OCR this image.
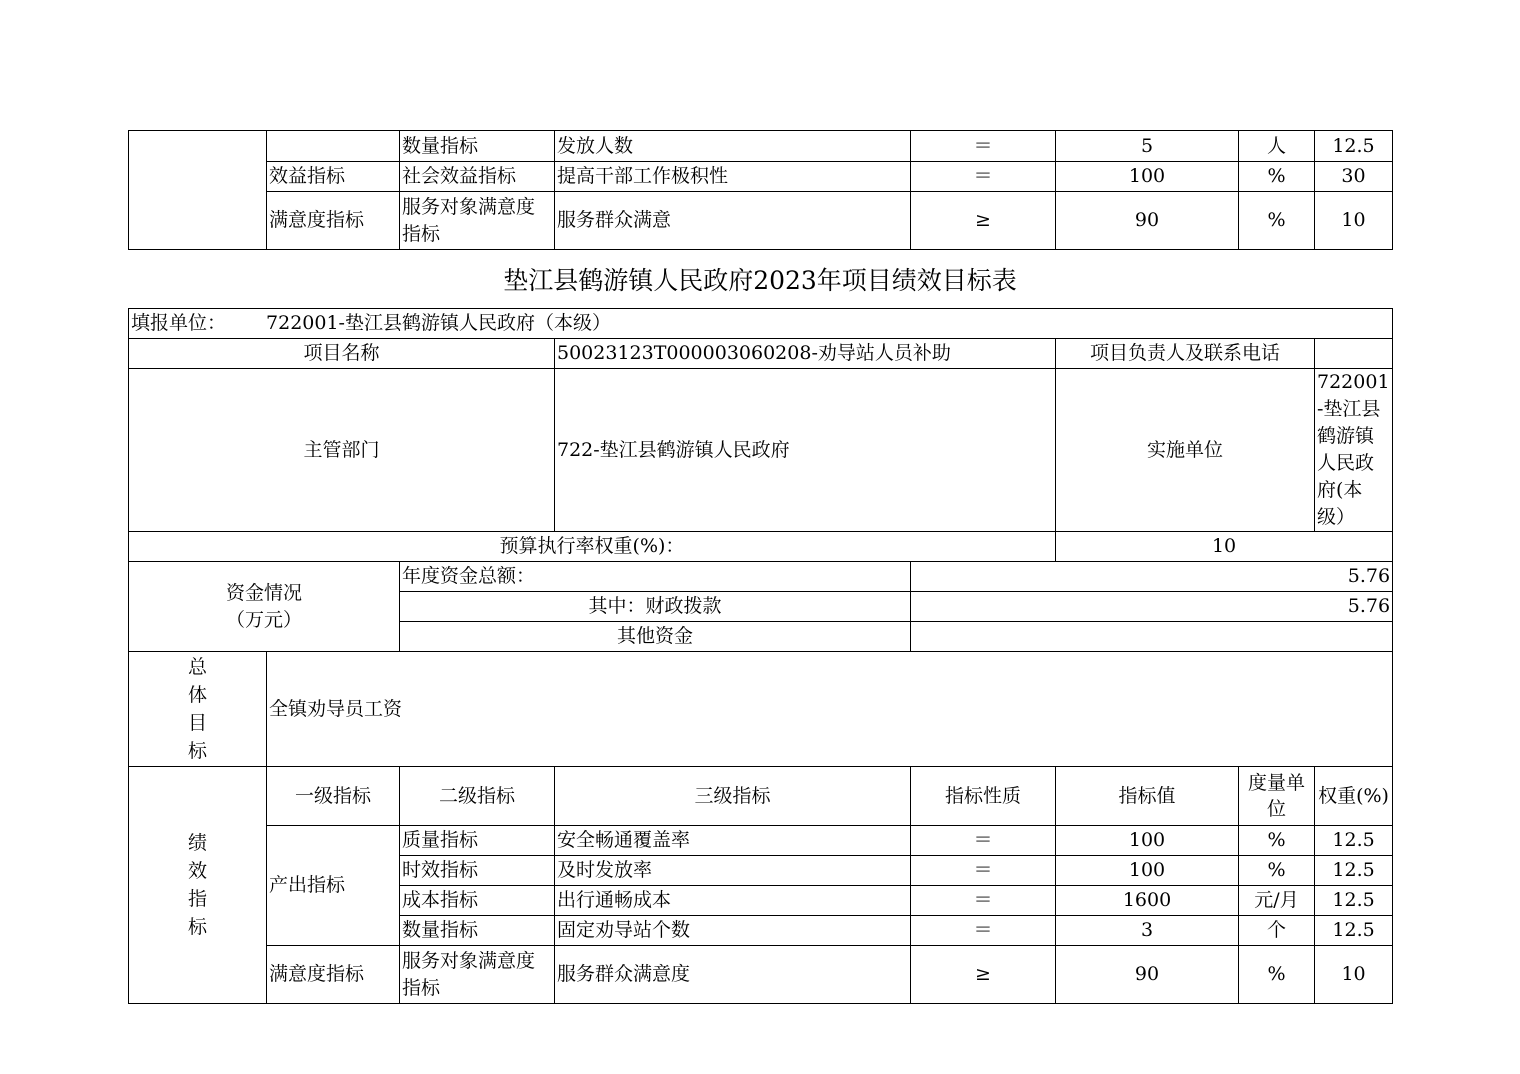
		数量指标	发放人数	＝	5	人	12.5
	效益指标	社会效益指标	提高干部工作极积性	＝	100	%	30
	满意度指标	服务对象满意度指标	服务群众满意	≥	90	%	10
垫江县鹤游镇人民政府2023年项目绩效目标表
填报单位： 722001-垫江县鹤游镇人民政府（本级）							
项目名称			50023123T000003060208-劝导站人员补助		项目负责人及联系电话		
主管部门			722-垫江县鹤游镇人民政府		实施单位		722001-垫江县鹤游镇人民政府(本级）
预算执行率权重(%)：					10		
资金情况
（万元）		年度资金总额：		5.76			
		其中：财政拨款		5.76			
		其他资金					

总
体
目
标	全镇劝导员工资						

绩
效
指
标	一级指标	二级指标	三级指标	指标性质	指标值	度量单位	权重(%)
	产出指标	质量指标	安全畅通覆盖率	＝	100	%	12.5
		时效指标	及时发放率	＝	100	%	12.5
		成本指标	出行通畅成本	＝	1600	元/月	12.5
		数量指标	固定劝导站个数	＝	3	个	12.5
	满意度指标	服务对象满意度指标	服务群众满意度	≥	90	%	10
